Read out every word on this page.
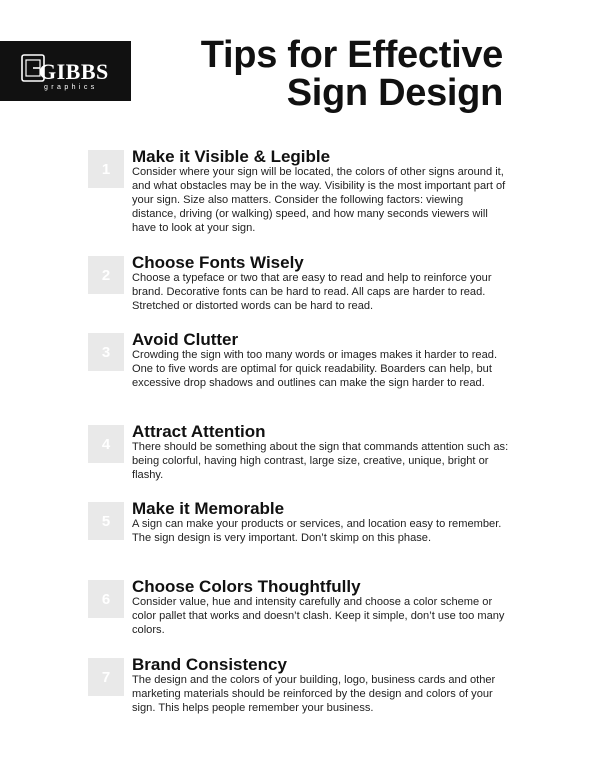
GIBBS
graphics
Tips for Effective
Sign Design
1
Make it Visible & Legible

Consider where your sign will be located, the colors of other signs around it, and what obstacles may be in the way. Visibility is the most important part of your sign. Size also matters. Consider the following factors: viewing distance, driving (or walking) speed, and how many seconds viewers will have to look at your sign.

2
Choose Fonts Wisely

Choose a typeface or two that are easy to read and help to reinforce your brand. Decorative fonts can be hard to read. All caps are harder to read. Stretched or distorted words can be hard to read.

3
Avoid Clutter

Crowding the sign with too many words or images makes it harder to read. One to five words are optimal for quick readability. Boarders can help, but excessive drop shadows and outlines can make the sign harder to read.

4
Attract Attention

There should be something about the sign that commands attention such as: being colorful, having high contrast, large size, creative, unique, bright or flashy.

5
Make it Memorable

A sign can make your products or services, and location easy to remember. The sign design is very important. Don’t skimp on this phase.

6
Choose Colors Thoughtfully

Consider value, hue and intensity carefully and choose a color scheme or color pallet that works and doesn’t clash. Keep it simple, don’t use too many colors.

7
Brand Consistency

The design and the colors of your building, logo, business cards and other marketing materials should be reinforced by the design and colors of your sign. This helps people remember your business.
